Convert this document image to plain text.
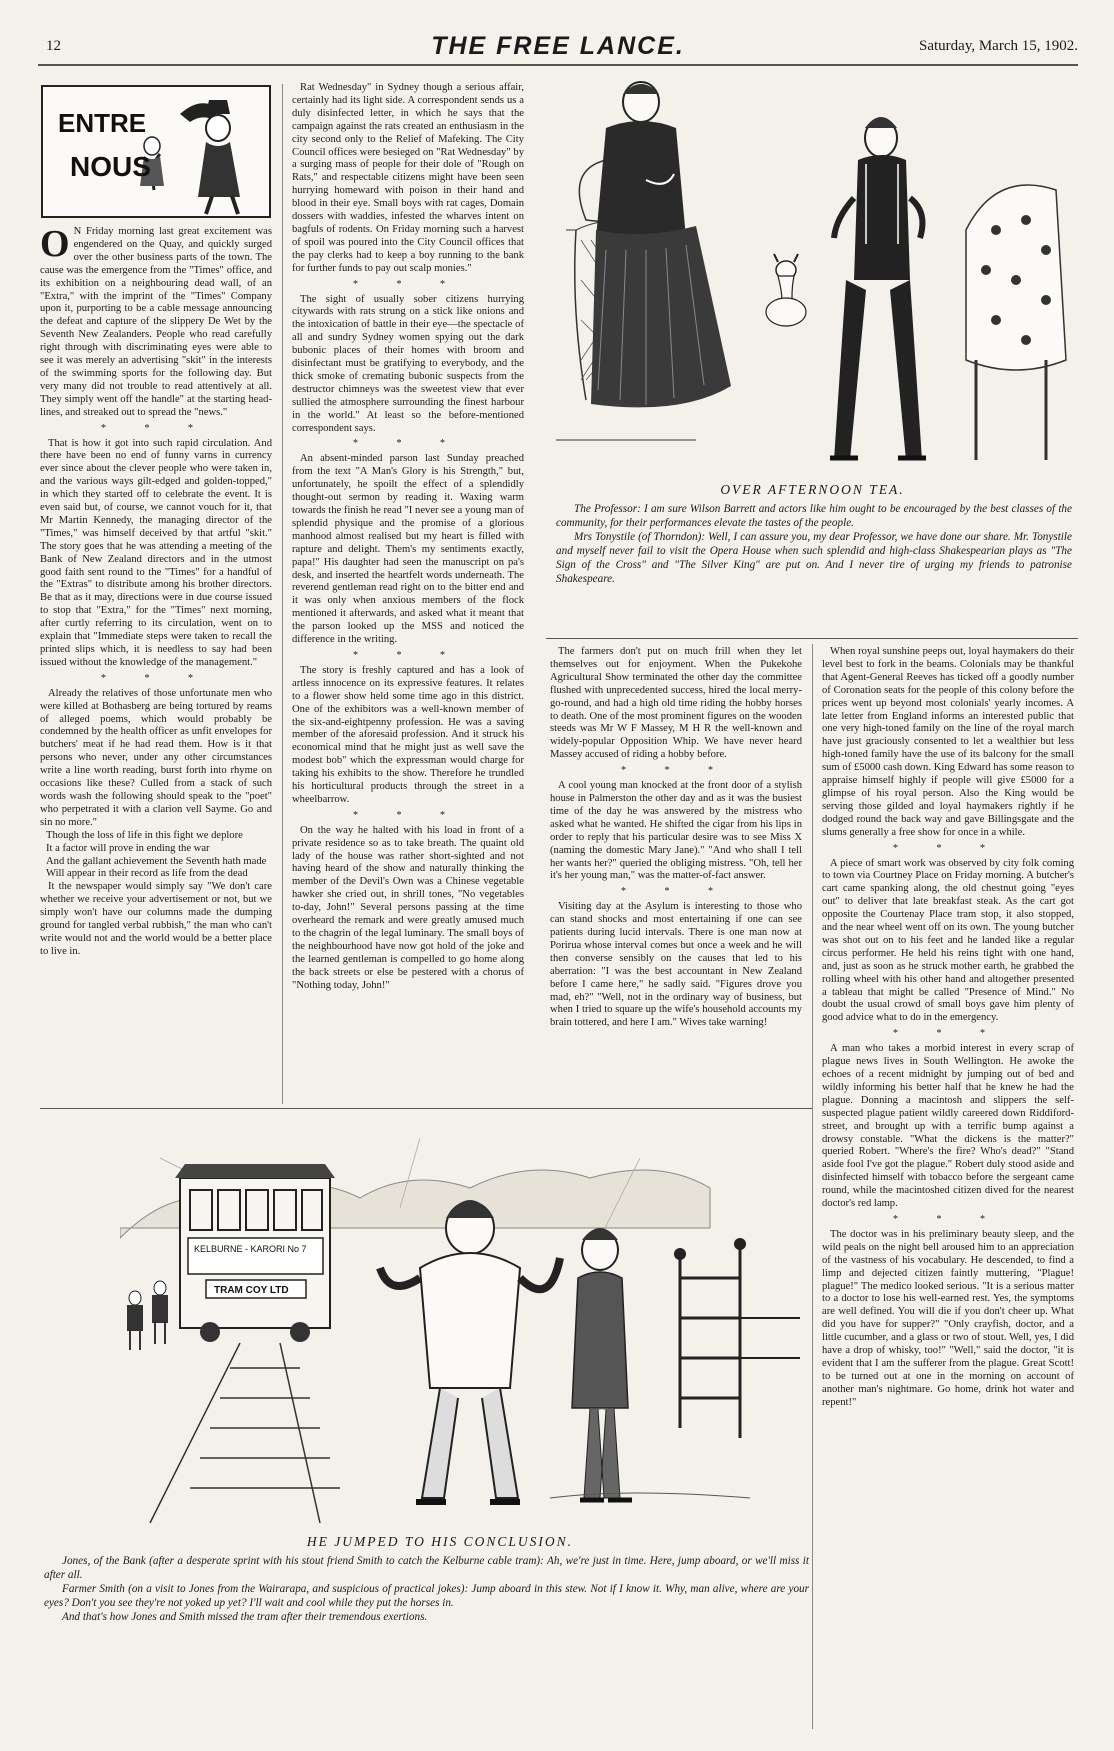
12	THE FREE LANCE.	Saturday, March 15, 1902.
ENTRE
NOUS

O N Friday morning last great excitement was engendered on the Quay, and quickly surged over the other business parts of the town. The cause was the emergence from the "Times" office, and its exhibition on a neighbouring dead wall, of an "Extra," with the imprint of the "Times" Company upon it, purporting to be a cable message announcing the defeat and capture of the slippery De Wet by the Seventh New Zealanders. People who read carefully right through with discriminating eyes were able to see it was merely an advertising "skit" in the interests of the swimming sports for the following day. But very many did not trouble to read attentively at all. They simply went off the handle" at the starting head-lines, and streaked out to spread the "news."

* * *

That is how it got into such rapid circulation. And there have been no end of funny varns in currency ever since about the clever people who were taken in, and the various ways gilt-edged and golden-topped," in which they started off to celebrate the event. It is even said but, of course, we cannot vouch for it, that Mr Martin Kennedy, the managing director of the "Times," was himself deceived by that artful "skit." The story goes that he was attending a meeting of the Bank of New Zealand directors and in the utmost good faith sent round to the "Times" for a handful of the "Extras" to distribute among his brother directors. Be that as it may, directions were in due course issued to stop that "Extra," for the "Times" next morning, after curtly referring to its circulation, went on to explain that "Immediate steps were taken to recall the printed slips which, it is needless to say had been issued without the knowledge of the management."

* * *

Already the relatives of those unfortunate men who were killed at Bothasberg are being tortured by reams of alleged poems, which would probably be condemned by the health officer as unfit envelopes for butchers' meat if he had read them. How is it that persons who never, under any other circumstances write a line worth reading, burst forth into rhyme on occasions like these? Culled from a stack of such words wash the following should speak to the "poet" who perpetrated it with a clarion vell Sayme. Go and sin no more."

Though the loss of life in this fight we deplore

It a factor will prove in ending the war

And the gallant achievement the Seventh hath made

Will appear in their record as life from the dead

It the newspaper would simply say "We don't care whether we receive your advertisement or not, but we simply won't have our columns made the dumping ground for tangled verbal rubbish," the man who can't write would not and the world would be a better place to live in.

Rat Wednesday" in Sydney though a serious affair, certainly had its light side. A correspondent sends us a duly disinfected letter, in which he says that the campaign against the rats created an enthusiasm in the city second only to the Relief of Mafeking. The City Council offices were besieged on "Rat Wednesday" by a surging mass of people for their dole of "Rough on Rats," and respectable citizens might have been seen hurrying homeward with poison in their hand and blood in their eye. Small boys with rat cages, Domain dossers with waddies, infested the wharves intent on bagfuls of rodents. On Friday morning such a harvest of spoil was poured into the City Council offices that the pay clerks had to keep a boy running to the bank for further funds to pay out scalp monies."

* * *

The sight of usually sober citizens hurrying citywards with rats strung on a stick like onions and the intoxication of battle in their eye—the spectacle of all and sundry Sydney women spying out the dark bubonic places of their homes with broom and disinfectant must be gratifying to everybody, and the thick smoke of cremating bubonic suspects from the destructor chimneys was the sweetest view that ever sullied the atmosphere surrounding the finest harbour in the world." At least so the before-mentioned correspondent says.

* * *

An absent-minded parson last Sunday preached from the text "A Man's Glory is his Strength," but, unfortunately, he spoilt the effect of a splendidly thought-out sermon by reading it. Waxing warm towards the finish he read "I never see a young man of splendid physique and the promise of a glorious manhood almost realised but my heart is filled with rapture and delight. Them's my sentiments exactly, papa!" His daughter had seen the manuscript on pa's desk, and inserted the heartfelt words underneath. The reverend gentleman read right on to the bitter end and it was only when anxious members of the flock mentioned it afterwards, and asked what it meant that the parson looked up the MSS and noticed the difference in the writing.

* * *

The story is freshly captured and has a look of artless innocence on its expressive features. It relates to a flower show held some time ago in this district. One of the exhibitors was a well-known member of the six-and-eightpenny profession. He was a saving member of the aforesaid profession. And it struck his economical mind that he might just as well save the modest bob" which the expressman would charge for taking his exhibits to the show. Therefore he trundled his horticultural products through the street in a wheelbarrow.

* * *

On the way he halted with his load in front of a private residence so as to take breath. The quaint old lady of the house was rather short-sighted and not having heard of the show and naturally thinking the member of the Devil's Own was a Chinese vegetable hawker she cried out, in shrill tones, "No vegetables to-day, John!" Several persons passing at the time overheard the remark and were greatly amused much to the chagrin of the legal luminary. The small boys of the neighbourhood have now got hold of the joke and the learned gentleman is compelled to go home along the back streets or else be pestered with a chorus of "Nothing today, John!"

OVER AFTERNOON TEA.

The Professor: I am sure Wilson Barrett and actors like him ought to be encouraged by the best classes of the community, for their performances elevate the tastes of the people.

Mrs Tonystile (of Thorndon): Well, I can assure you, my dear Professor, we have done our share. Mr. Tonystile and myself never fail to visit the Opera House when such splendid and high-class Shakespearian plays as "The Sign of the Cross" and "The Silver King" are put on. And I never tire of urging my friends to patronise Shakespeare.

The farmers don't put on much frill when they let themselves out for enjoyment. When the Pukekohe Agricultural Show terminated the other day the committee flushed with unprecedented success, hired the local merry-go-round, and had a high old time riding the hobby horses to death. One of the most prominent figures on the wooden steeds was Mr W F Massey, M H R the well-known and widely-popular Opposition Whip. We have never heard Massey accused of riding a hobby before.

* * *

A cool young man knocked at the front door of a stylish house in Palmerston the other day and as it was the busiest time of the day he was answered by the mistress who asked what he wanted. He shifted the cigar from his lips in order to reply that his particular desire was to see Miss X (naming the domestic Mary Jane)." "And who shall I tell her wants her?" queried the obliging mistress. "Oh, tell her it's her young man," was the matter-of-fact answer.

* * *

Visiting day at the Asylum is interesting to those who can stand shocks and most entertaining if one can see patients during lucid intervals. There is one man now at Porirua whose interval comes but once a week and he will then converse sensibly on the causes that led to his aberration: "I was the best accountant in New Zealand before I came here," he sadly said. "Figures drove you mad, eh?" "Well, not in the ordinary way of business, but when I tried to square up the wife's household accounts my brain tottered, and here I am." Wives take warning!

When royal sunshine peeps out, loyal haymakers do their level best to fork in the beams. Colonials may be thankful that Agent-General Reeves has ticked off a goodly number of Coronation seats for the people of this colony before the prices went up beyond most colonials' yearly incomes. A late letter from England informs an interested public that one very high-toned family on the line of the royal march have just graciously consented to let a wealthier but less high-toned family have the use of its balcony for the small sum of £5000 cash down. King Edward has some reason to appraise himself highly if people will give £5000 for a glimpse of his royal person. Also the King would be serving those gilded and loyal haymakers rightly if he dodged round the back way and gave Billingsgate and the slums generally a free show for once in a while.

* * *

A piece of smart work was observed by city folk coming to town via Courtney Place on Friday morning. A butcher's cart came spanking along, the old chestnut going "eyes out" to deliver that late breakfast steak. As the cart got opposite the Courtenay Place tram stop, it also stopped, and the near wheel went off on its own. The young butcher was shot out on to his feet and he landed like a regular circus performer. He held his reins tight with one hand, and, just as soon as he struck mother earth, he grabbed the rolling wheel with his other hand and altogether presented a tableau that might be called "Presence of Mind." No doubt the usual crowd of small boys gave him plenty of good advice what to do in the emergency.

* * *

A man who takes a morbid interest in every scrap of plague news lives in South Wellington. He awoke the echoes of a recent midnight by jumping out of bed and wildly informing his better half that he knew he had the plague. Donning a macintosh and slippers the self-suspected plague patient wildly careered down Riddiford-street, and brought up with a terrific bump against a drowsy constable. "What the dickens is the matter?" queried Robert. "Where's the fire? Who's dead?" "Stand aside fool I've got the plague." Robert duly stood aside and disinfected himself with tobacco before the sergeant came round, while the macintoshed citizen dived for the nearest doctor's red lamp.

* * *

The doctor was in his preliminary beauty sleep, and the wild peals on the night bell aroused him to an appreciation of the vastness of his vocabulary. He descended, to find a limp and dejected citizen faintly muttering, "Plague! plague!" The medico looked serious. "It is a serious matter to a doctor to lose his well-earned rest. Yes, the symptoms are well defined. You will die if you don't cheer up. What did you have for supper?" "Only crayfish, doctor, and a little cucumber, and a glass or two of stout. Well, yes, I did have a drop of whisky, too!" "Well," said the doctor, "it is evident that I am the sufferer from the plague. Great Scott! to be turned out at one in the morning on account of another man's nightmare. Go home, drink hot water and repent!"

KELBURNE - KARORI No 7
TRAM COY LTD
HE JUMPED TO HIS CONCLUSION.

Jones, of the Bank (after a desperate sprint with his stout friend Smith to catch the Kelburne cable tram): Ah, we're just in time. Here, jump aboard, or we'll miss it after all.

Farmer Smith (on a visit to Jones from the Wairarapa, and suspicious of practical jokes): Jump aboard in this stew. Not if I know it. Why, man alive, where are your eyes? Don't you see they're not yoked up yet? I'll wait and cool while they put the horses in.

And that's how Jones and Smith missed the tram after their tremendous exertions.
